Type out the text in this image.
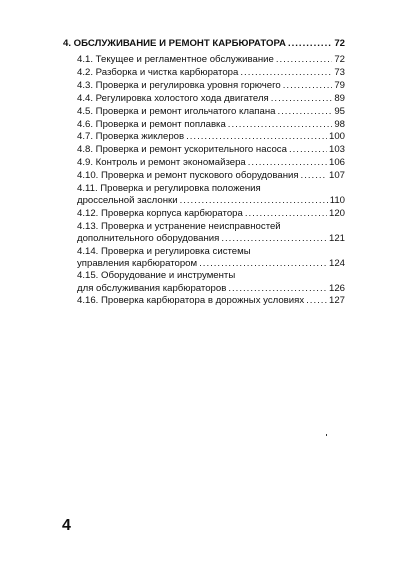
4. ОБСЛУЖИВАНИЕ И РЕМОНТ КАРБЮРАТОРА .....	72
4.1. Текущее и регламентное обслуживание .....	72
4.2. Разборка и чистка карбюратора .....	73
4.3. Проверка и регулировка уровня горючего .....	79
4.4. Регулировка холостого хода двигателя .....	89
4.5. Проверка и ремонт игольчатого клапана .....	95
4.6. Проверка и ремонт поплавка .....	98
4.7. Проверка жиклеров .....	100
4.8. Проверка и ремонт ускорительного насоса .....	103
4.9. Контроль и ремонт экономайзера .....	106
4.10. Проверка и ремонт пускового оборудования .....	107
4.11. Проверка и регулировка положения
дроссельной заслонки .....	110
4.12. Проверка корпуса карбюратора .....	120
4.13. Проверка и устранение неисправностей
дополнительного оборудования .....	121
4.14. Проверка и регулировка системы
управления карбюратором .....	124
4.15. Оборудование и инструменты
для обслуживания карбюраторов .....	126
4.16. Проверка карбюратора в дорожных условиях .....	127
4
